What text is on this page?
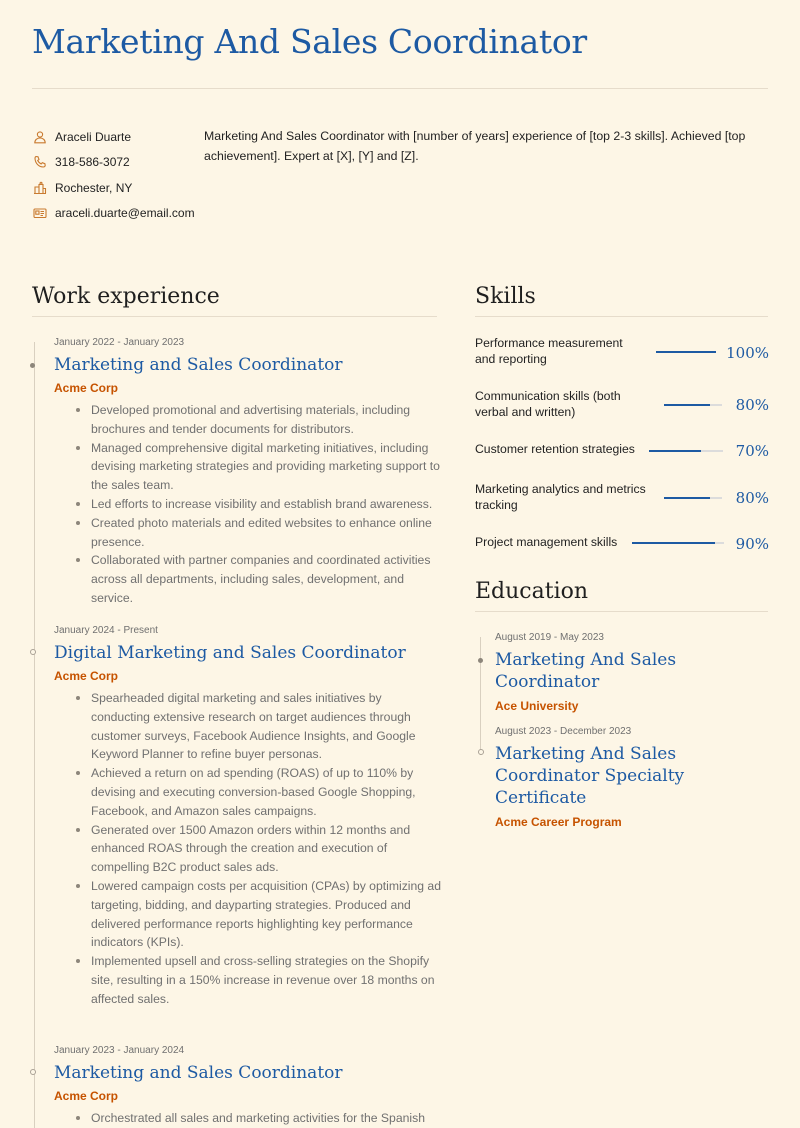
Marketing And Sales Coordinator
Araceli Duarte
318-586-3072
Rochester, NY
araceli.duarte@email.com
Marketing And Sales Coordinator with [number of years] experience of [top 2-3 skills]. Achieved [top achievement]. Expert at [X], [Y] and [Z].
Work experience
January 2022 - January 2023
Marketing and Sales Coordinator
Acme Corp
Developed promotional and advertising materials, including brochures and tender documents for distributors.
Managed comprehensive digital marketing initiatives, including devising marketing strategies and providing marketing support to the sales team.
Led efforts to increase visibility and establish brand awareness.
Created photo materials and edited websites to enhance online presence.
Collaborated with partner companies and coordinated activities across all departments, including sales, development, and service.
January 2024 - Present
Digital Marketing and Sales Coordinator
Acme Corp
Spearheaded digital marketing and sales initiatives by conducting extensive research on target audiences through customer surveys, Facebook Audience Insights, and Google Keyword Planner to refine buyer personas.
Achieved a return on ad spending (ROAS) of up to 110% by devising and executing conversion-based Google Shopping, Facebook, and Amazon sales campaigns.
Generated over 1500 Amazon orders within 12 months and enhanced ROAS through the creation and execution of compelling B2C product sales ads.
Lowered campaign costs per acquisition (CPAs) by optimizing ad targeting, bidding, and dayparting strategies. Produced and delivered performance reports highlighting key performance indicators (KPIs).
Implemented upsell and cross-selling strategies on the Shopify site, resulting in a 150% increase in revenue over 18 months on affected sales.
January 2023 - January 2024
Marketing and Sales Coordinator
Acme Corp
Orchestrated all sales and marketing activities for the Spanish
Skills
Performance measurement and reporting	100%
Communication skills (both verbal and written)	80%
Customer retention strategies	70%
Marketing analytics and metrics tracking	80%
Project management skills	90%
Education
August 2019 - May 2023
Marketing And Sales Coordinator
Ace University
August 2023 - December 2023
Marketing And Sales Coordinator Specialty Certificate
Acme Career Program
